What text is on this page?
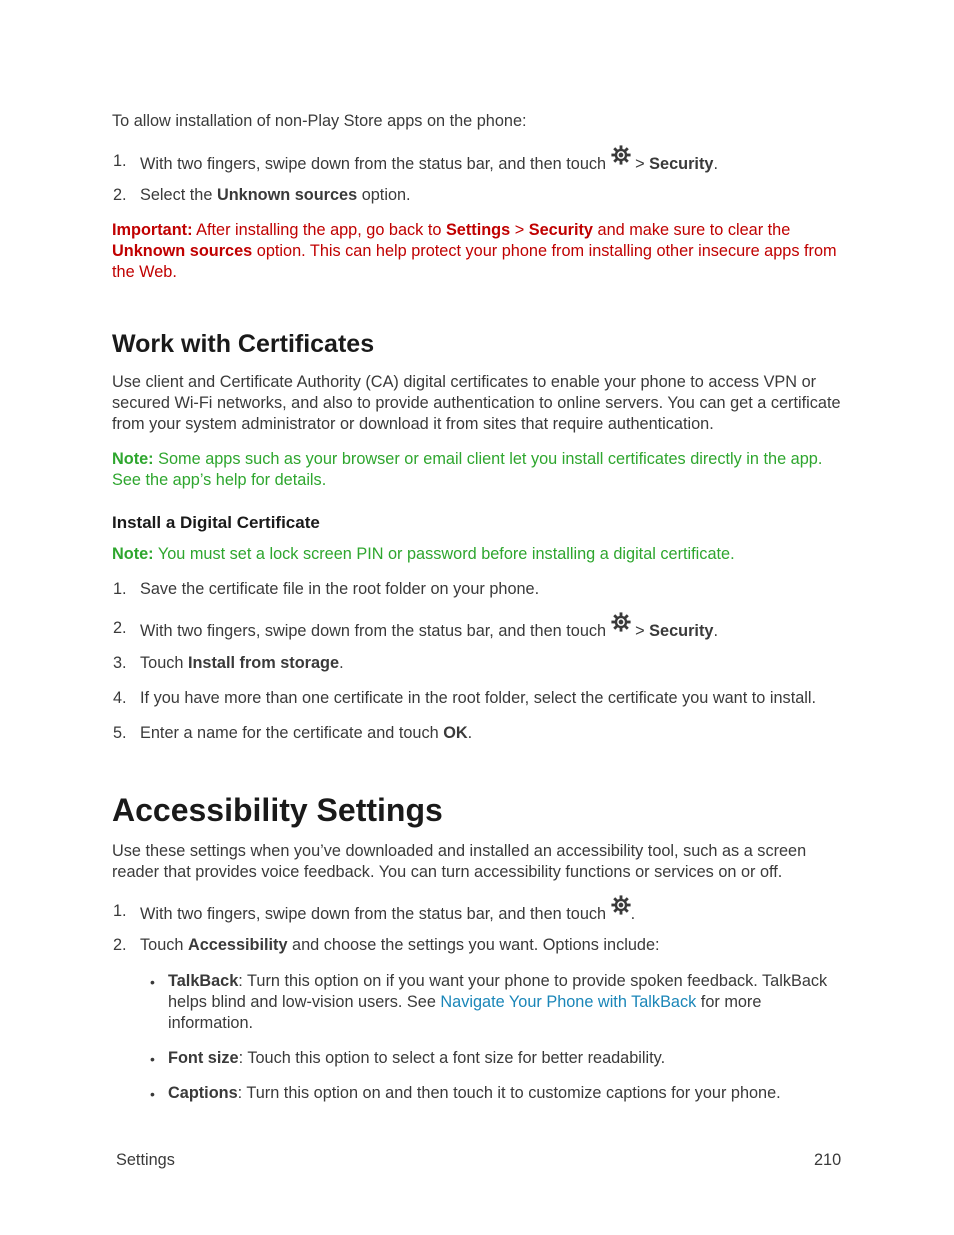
To allow installation of non-Play Store apps on the phone:

1. With two fingers, swipe down from the status bar, and then touch  > Security.

2. Select the Unknown sources option.

Important: After installing the app, go back to Settings > Security and make sure to clear the Unknown sources option. This can help protect your phone from installing other insecure apps from the Web.

Work with Certificates

Use client and Certificate Authority (CA) digital certificates to enable your phone to access VPN or secured Wi-Fi networks, and also to provide authentication to online servers. You can get a certificate from your system administrator or download it from sites that require authentication.

Note: Some apps such as your browser or email client let you install certificates directly in the app. See the app’s help for details.

Install a Digital Certificate

Note: You must set a lock screen PIN or password before installing a digital certificate.

1. Save the certificate file in the root folder on your phone.

2. With two fingers, swipe down from the status bar, and then touch  > Security.

3. Touch Install from storage.

4. If you have more than one certificate in the root folder, select the certificate you want to install.

5. Enter a name for the certificate and touch OK.

Accessibility Settings

Use these settings when you’ve downloaded and installed an accessibility tool, such as a screen reader that provides voice feedback. You can turn accessibility functions or services on or off.

1. With two fingers, swipe down from the status bar, and then touch .

2. Touch Accessibility and choose the settings you want. Options include:

• TalkBack: Turn this option on if you want your phone to provide spoken feedback. TalkBack helps blind and low-vision users. See Navigate Your Phone with TalkBack for more information.

• Font size: Touch this option to select a font size for better readability.

• Captions: Turn this option on and then touch it to customize captions for your phone.

Settings	210
